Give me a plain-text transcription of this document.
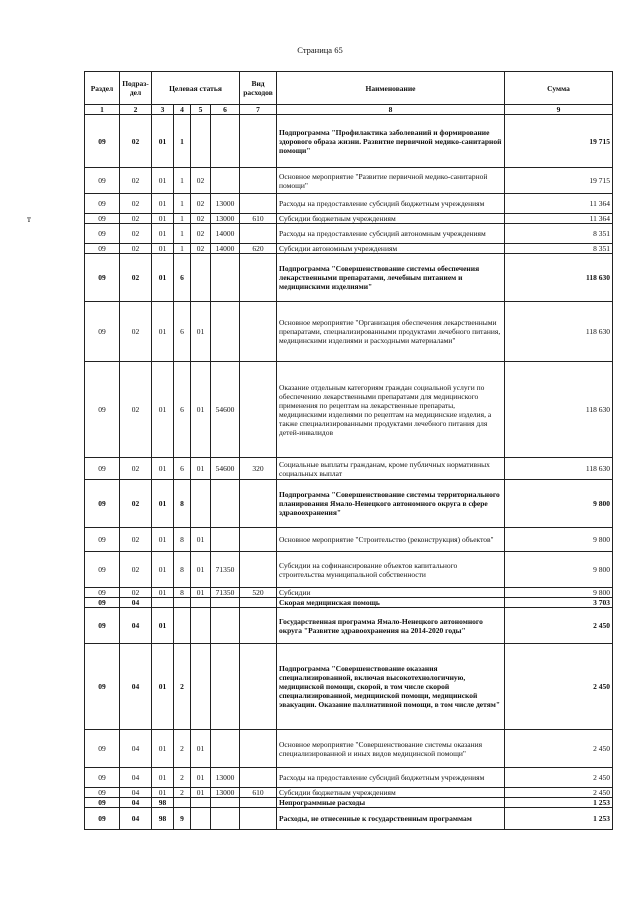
Страница 65
т
Раздел	Подраз-дел	Целевая статья				Вид расходов	Наименование	Сумма
1	2	3	4	5	6	7	8	9
09	02	01	1				Подпрограмма "Профилактика заболеваний и формирование здорового образа жизни. Развитие первичной медико-санитарной помощи"	19 715
09	02	01	1	02			Основное мероприятие "Развитие первичной медико-санитарной помощи"	19 715
09	02	01	1	02	13000		Расходы на предоставление субсидий бюджетным учреждениям	11 364
09	02	01	1	02	13000	610	Субсидии бюджетным учреждениям	11 364
09	02	01	1	02	14000		Расходы на предоставление субсидий автономным учреждениям	8 351
09	02	01	1	02	14000	620	Субсидии автономным учреждениям	8 351
09	02	01	6				Подпрограмма "Совершенствование системы обеспечения лекарственными препаратами, лечебным питанием и медицинскими изделиями"	118 630
09	02	01	6	01			Основное мероприятие "Организация обеспечения лекарственными препаратами, специализированными продуктами лечебного питания, медицинскими изделиями и расходными материалами"	118 630
09	02	01	6	01	54600		Оказание отдельным категориям граждан социальной услуги по обеспечению лекарственными препаратами для медицинского применения по рецептам на лекарственные препараты, медицинскими изделиями по рецептам на медицинские изделия, а также специализированными продуктами лечебного питания для детей-инвалидов	118 630
09	02	01	6	01	54600	320	Социальные выплаты гражданам, кроме публичных нормативных социальных выплат	118 630
09	02	01	8				Подпрограмма "Совершенствование системы территориального планирования Ямало-Ненецкого автономного округа в сфере здравоохранения"	9 800
09	02	01	8	01			Основное мероприятие "Строительство (реконструкция) объектов"	9 800
09	02	01	8	01	71350		Субсидии на софинансирование объектов капитального строительства муниципальной собственности	9 800
09	02	01	8	01	71350	520	Субсидии	9 800
09	04						Скорая медицинская помощь	3 703
09	04	01					Государственная программа Ямало-Ненецкого автономного округа "Развитие здравоохранения на 2014-2020 годы"	2 450
09	04	01	2				Подпрограмма "Совершенствование оказания специализированной, включая высокотехнологичную, медицинской помощи, скорой, в том числе скорой специализированной, медицинской помощи, медицинской эвакуации. Оказание паллиативной помощи, в том числе детям"	2 450
09	04	01	2	01			Основное мероприятие "Совершенствование системы оказания специализированной и иных видов медицинской помощи"	2 450
09	04	01	2	01	13000		Расходы на предоставление субсидий бюджетным учреждениям	2 450
09	04	01	2	01	13000	610	Субсидии бюджетным учреждениям	2 450
09	04	98					Непрограммные расходы	1 253
09	04	98	9				Расходы, не отнесенные к государственным программам	1 253
